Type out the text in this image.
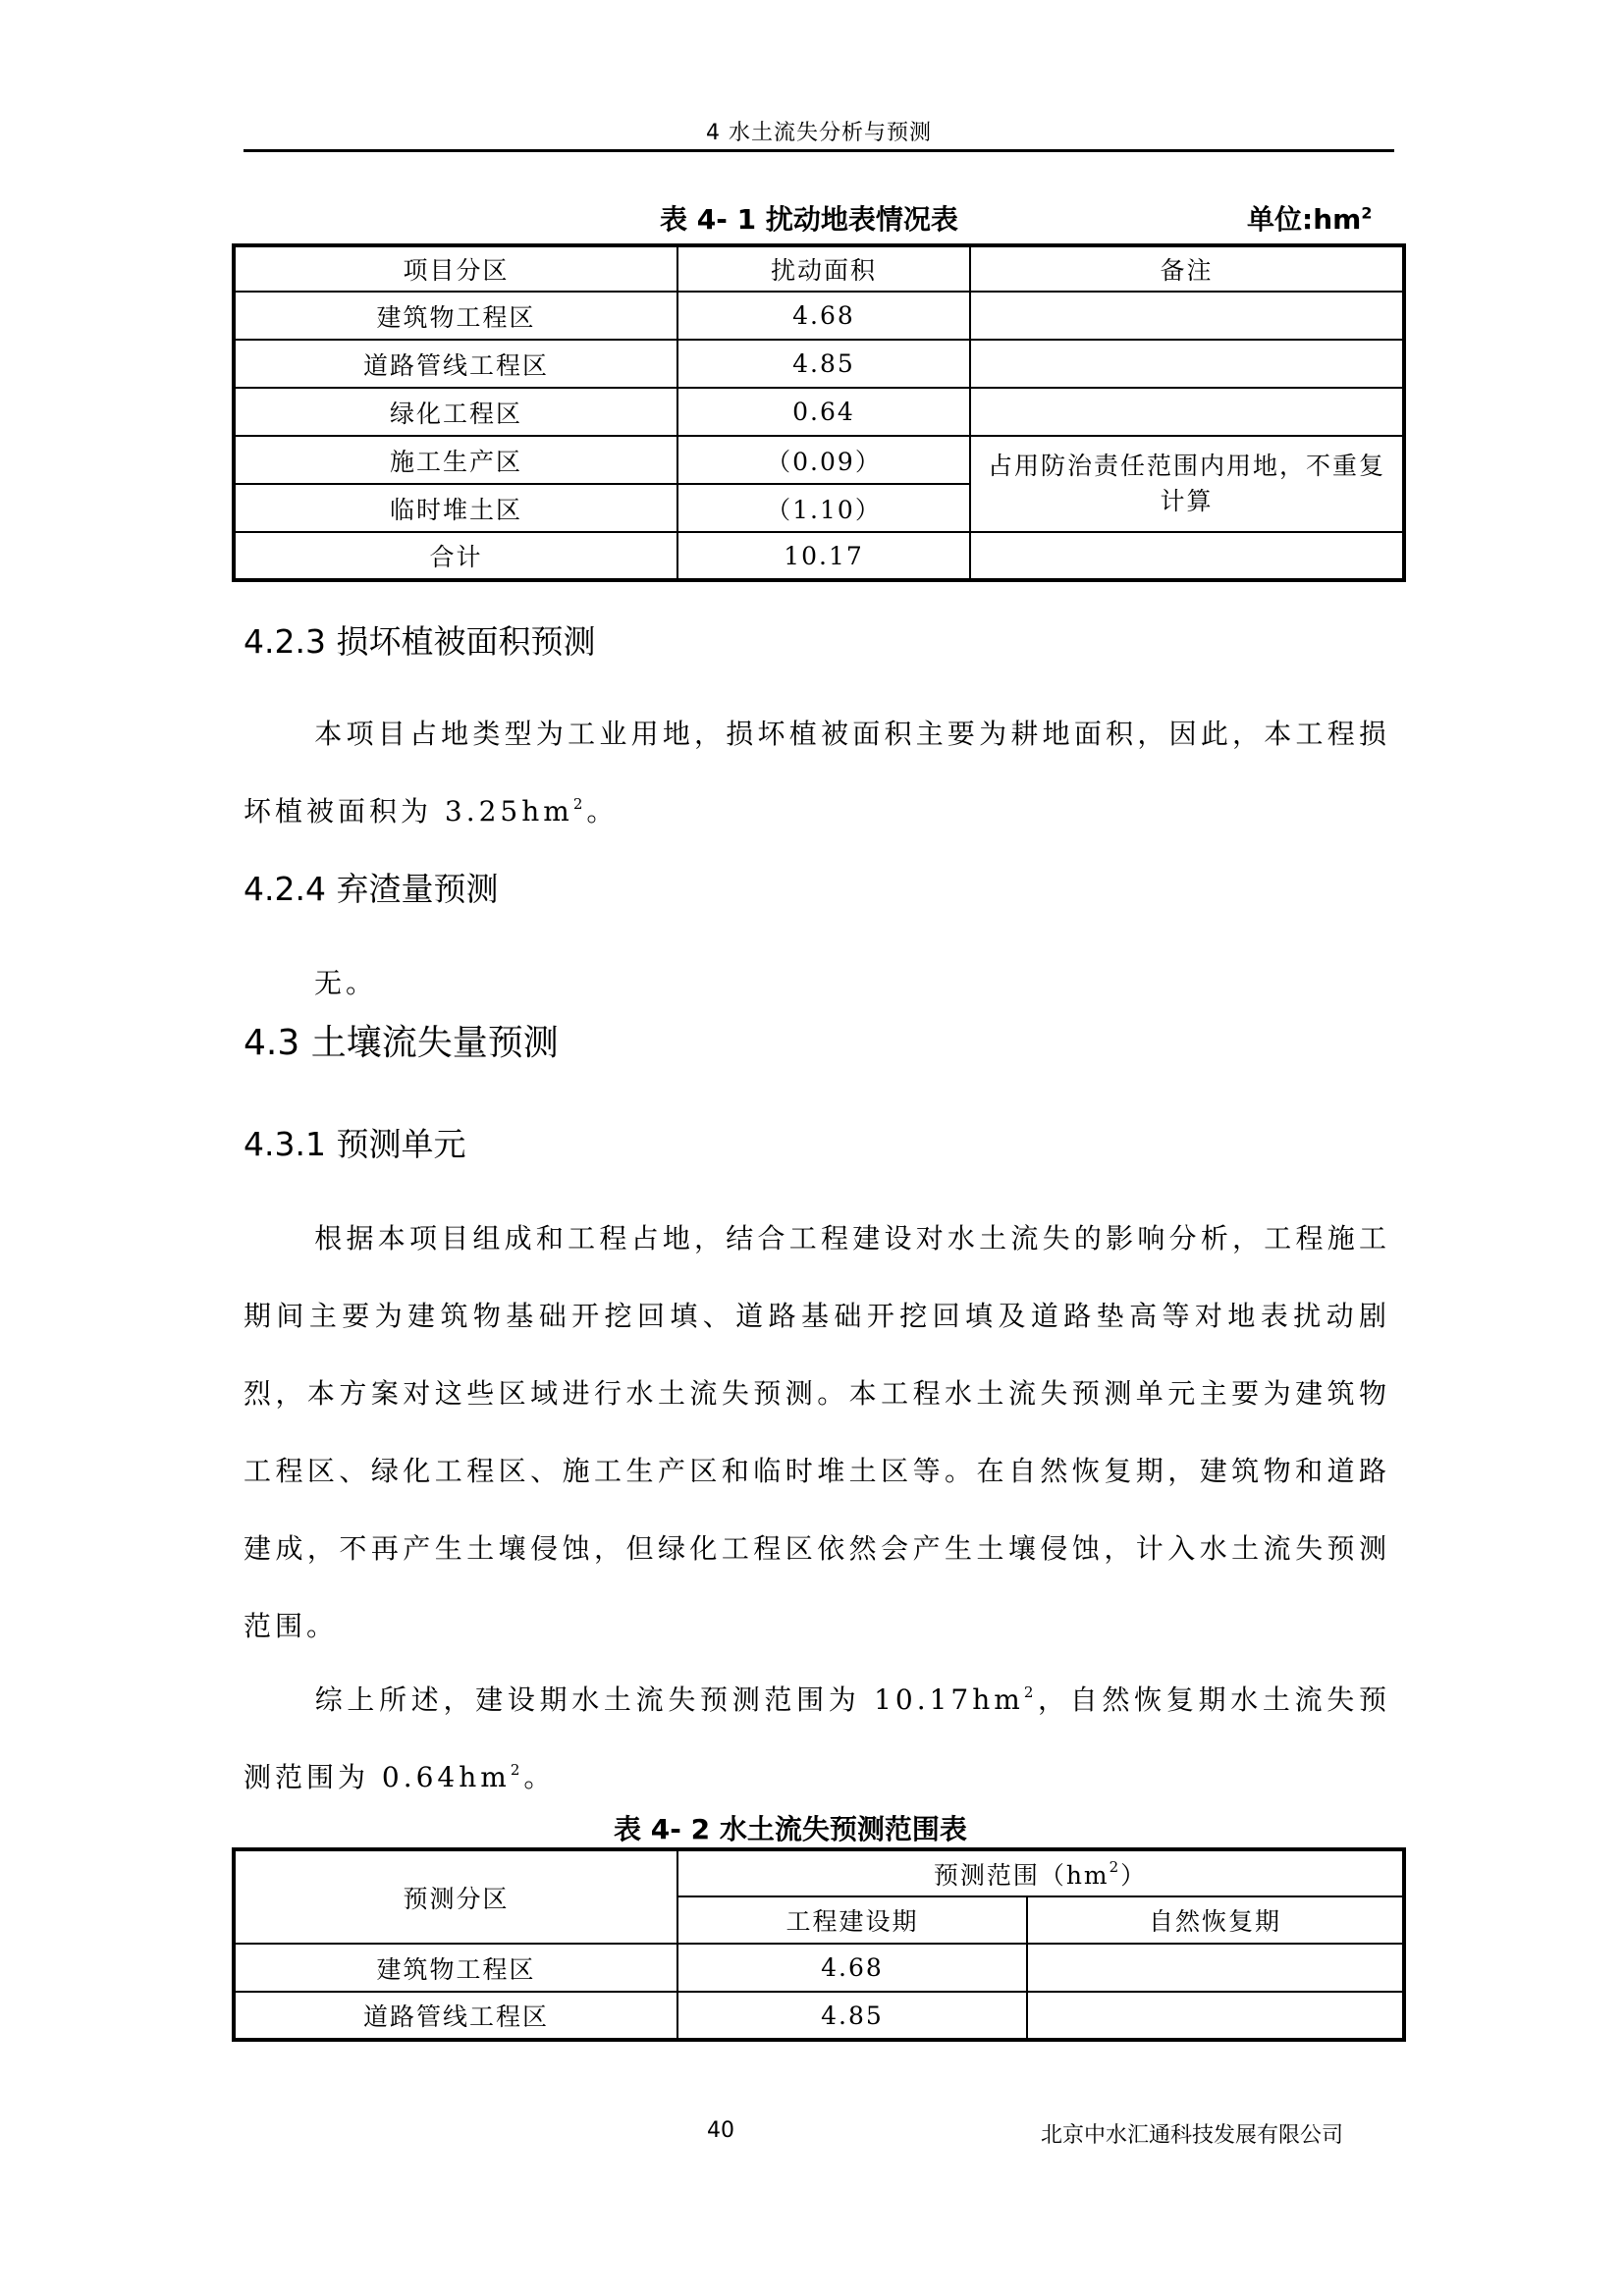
4 水土流失分析与预测
表 4- 1 扰动地表情况表	单位$:hm^2$
项目分区	扰动面积	备注
建筑物工程区	4.68	
道路管线工程区	4.85	
绿化工程区	0.64	
施工生产区	（0.09）	占用防治责任范围内用地，不重复计算
临时堆土区	（1.10）	
合计	10.17	
4.2.3 损坏植被面积预测
本项目占地类型为工业用地，损坏植被面积主要为耕地面积，因此，本工程损坏植被面积为 $3.25hm^2$。
4.2.4 弃渣量预测
无。
4.3 土壤流失量预测
4.3.1 预测单元
根据本项目组成和工程占地，结合工程建设对水土流失的影响分析，工程施工期间主要为建筑物基础开挖回填、道路基础开挖回填及道路垫高等对地表扰动剧烈，本方案对这些区域进行水土流失预测。本工程水土流失预测单元主要为建筑物工程区、绿化工程区、施工生产区和临时堆土区等。在自然恢复期，建筑物和道路建成，不再产生土壤侵蚀，但绿化工程区依然会产生土壤侵蚀，计入水土流失预测范围。
综上所述，建设期水土流失预测范围为 $10.17hm^2$，自然恢复期水土流失预测范围为 $0.64hm^2$。
表 4- 2 水土流失预测范围表
预测分区	预测范围$(hm^2)$	
	工程建设期	自然恢复期
建筑物工程区	4.68	
道路管线工程区	4.85	
40	北京中水汇通科技发展有限公司
